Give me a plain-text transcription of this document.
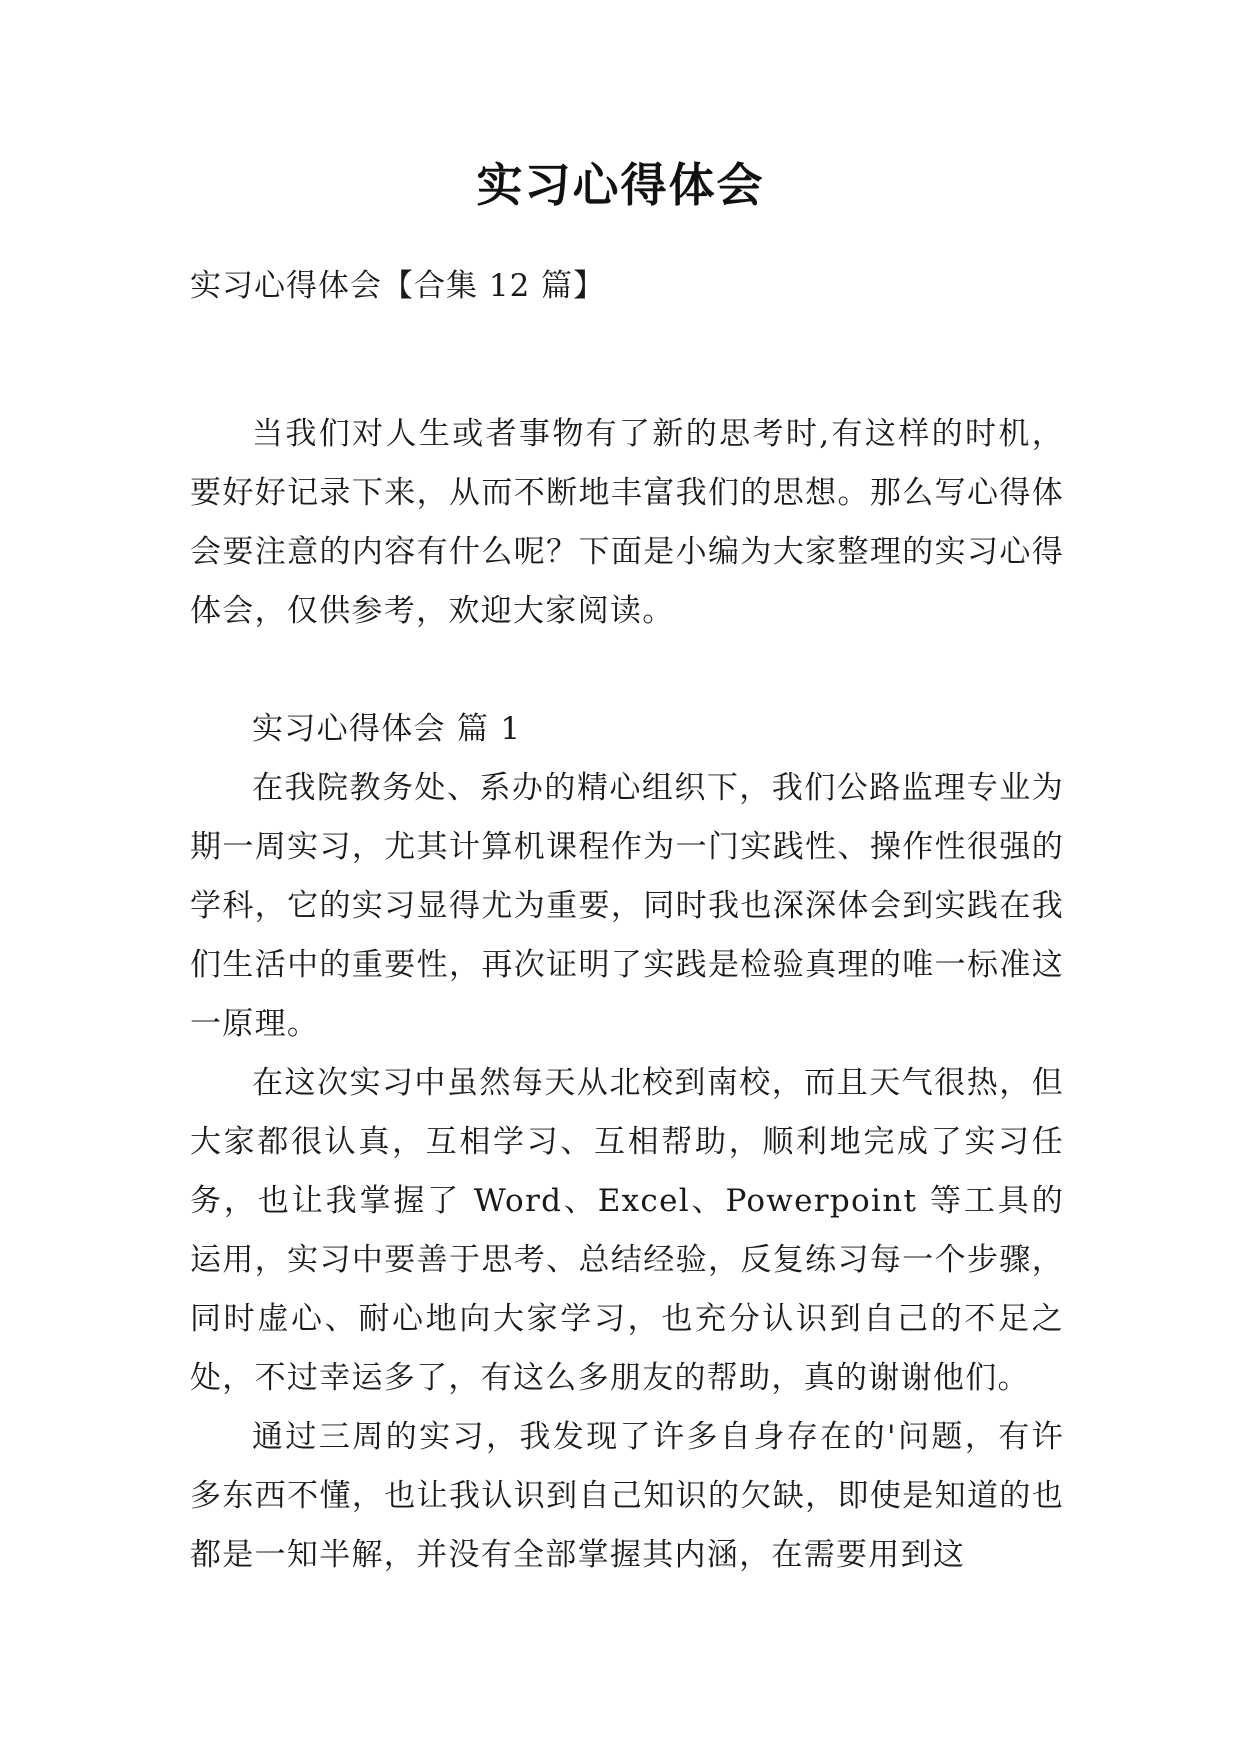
实习心得体会
实习心得体会【合集 12 篇】

当我们对人生或者事物有了新的思考时,有这样的时机，要好好记录下来，从而不断地丰富我们的思想。那么写心得体会要注意的内容有什么呢？下面是小编为大家整理的实习心得体会，仅供参考，欢迎大家阅读。

实习心得体会 篇 1

在我院教务处、系办的精心组织下，我们公路监理专业为期一周实习，尤其计算机课程作为一门实践性、操作性很强的学科，它的实习显得尤为重要，同时我也深深体会到实践在我们生活中的重要性，再次证明了实践是检验真理的唯一标准这一原理。

在这次实习中虽然每天从北校到南校，而且天气很热，但大家都很认真，互相学习、互相帮助，顺利地完成了实习任务，也让我掌握了 Word、Excel、Powerpoint 等工具的运用，实习中要善于思考、总结经验，反复练习每一个步骤，同时虚心、耐心地向大家学习，也充分认识到自己的不足之处，不过幸运多了，有这么多朋友的帮助，真的谢谢他们。

通过三周的实习，我发现了许多自身存在的'问题，有许多东西不懂，也让我认识到自己知识的欠缺，即使是知道的也都是一知半解，并没有全部掌握其内涵，在需要用到这
